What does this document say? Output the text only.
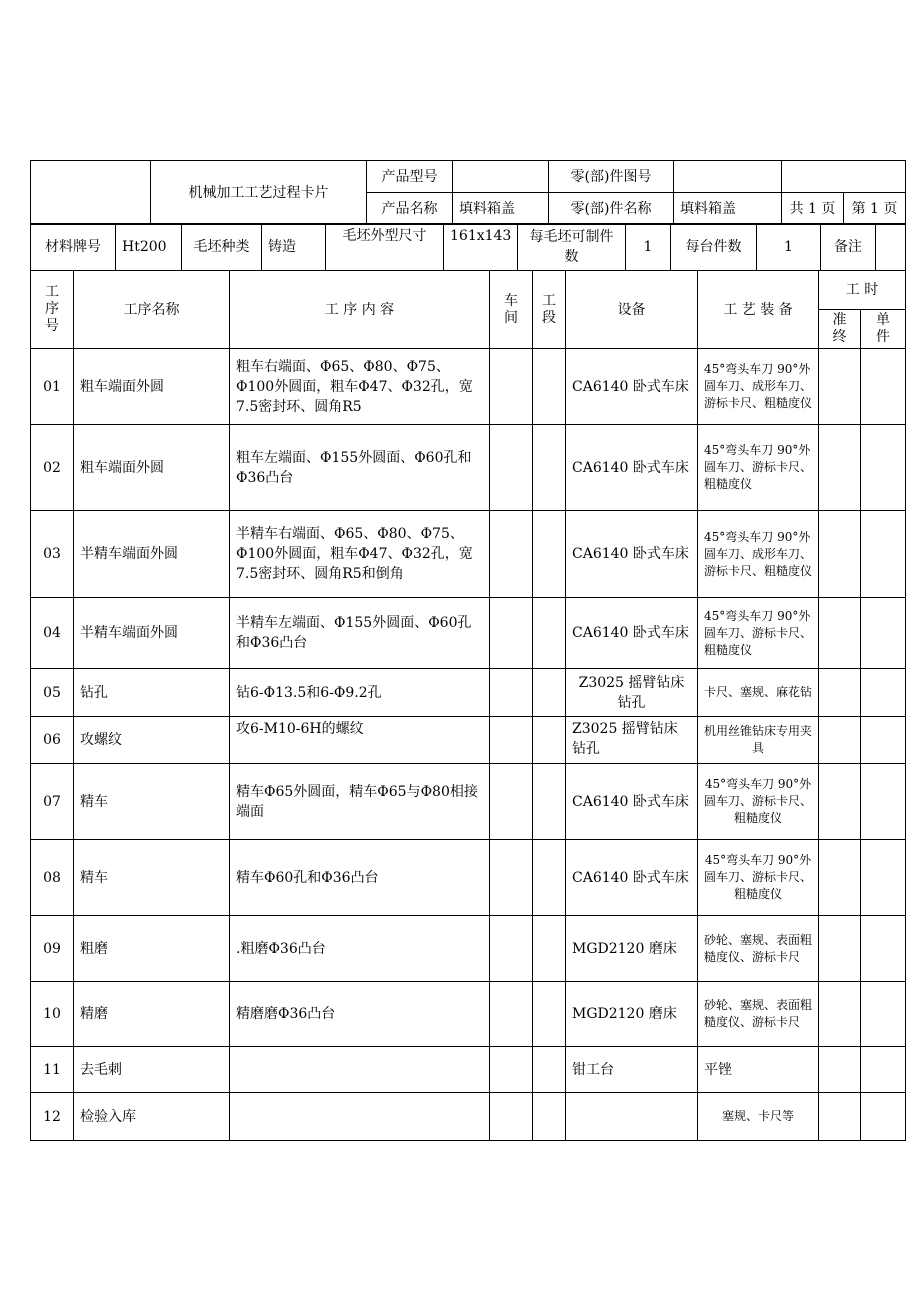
	机械加工工艺过程卡片	产品型号		零(部)件图号			
		产品名称	填料箱盖	零(部)件名称	填料箱盖	共 1 页	第 1 页
材料牌号	Ht200	毛坯种类	铸造	毛坯外型尺寸	161x143	每毛坯可制件数	1	每台件数	1	备注	
工序号	工序名称	工 序 内 容	车间	工段	设备	工 艺 装 备	工 时	

							准终	单件

01	粗车端面外圆	粗车右端面、Φ65、Φ80、Φ75、Φ100外圆面，粗车Φ47、Φ32孔，宽7.5密封环、圆角R5			CA6140 卧式车床	45°弯头车刀 90°外圆车刀、成形车刀、游标卡尺、粗糙度仪		
02	粗车端面外圆	粗车左端面、Φ155外圆面、Φ60孔和Φ36凸台			CA6140 卧式车床	45°弯头车刀 90°外圆车刀、游标卡尺、粗糙度仪		
03	半精车端面外圆	半精车右端面、Φ65、Φ80、Φ75、Φ100外圆面，粗车Φ47、Φ32孔，宽7.5密封环、圆角R5和倒角			CA6140 卧式车床	45°弯头车刀 90°外圆车刀、成形车刀、游标卡尺、粗糙度仪		
04	半精车端面外圆	半精车左端面、Φ155外圆面、Φ60孔和Φ36凸台			CA6140 卧式车床	45°弯头车刀 90°外圆车刀、游标卡尺、粗糙度仪		
05	钻孔	钻6-Φ13.5和6-Φ9.2孔			Z3025 摇臂钻床钻孔	卡尺、塞规、麻花钻		
06	攻螺纹	攻6-M10-6H的螺纹			Z3025 摇臂钻床钻孔	机用丝锥钻床专用夹具		
07	精车	精车Φ65外圆面，精车Φ65与Φ80相接端面			CA6140 卧式车床	45°弯头车刀 90°外圆车刀、游标卡尺、粗糙度仪		
08	精车	精车Φ60孔和Φ36凸台			CA6140 卧式车床	45°弯头车刀 90°外圆车刀、游标卡尺、粗糙度仪		
09	粗磨	.粗磨Φ36凸台			MGD2120 磨床	砂轮、塞规、表面粗糙度仪、游标卡尺		
10	精磨	精磨磨Φ36凸台			MGD2120 磨床	砂轮、塞规、表面粗糙度仪、游标卡尺		
11	去毛刺				钳工台	平锉		
12	检验入库					塞规、卡尺等		
